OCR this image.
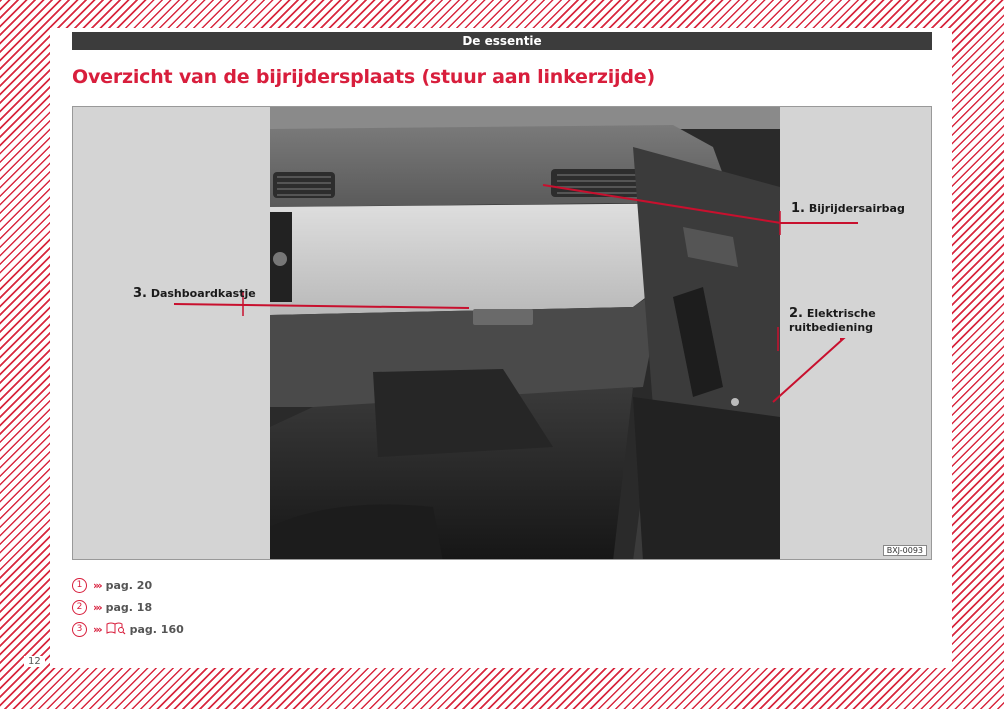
De essentie
Overzicht van de bijrijdersplaats (stuur aan linkerzijde)
1. Bijrijdersairbag
2. Elektrische
ruitbediening
3. Dashboardkastje
BXJ-0093
1 ››› pag. 20
2 ››› pag. 18
3 ›››	pag. 160
12
